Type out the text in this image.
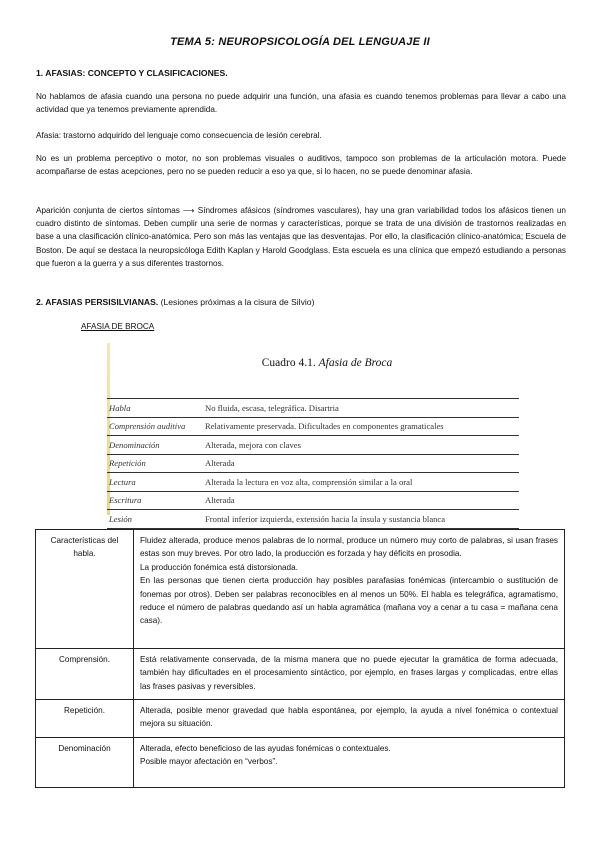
TEMA 5: NEUROPSICOLOGÍA DEL LENGUAJE II
1. AFASIAS: CONCEPTO Y CLASIFICACIONES.
No hablamos de afasia cuando una persona no puede adquirir una función, una afasia es cuando tenemos problemas para llevar a cabo una actividad que ya tenemos previamente aprendida.
Afasia: trastorno adquirido del lenguaje como consecuencia de lesión cerebral.
No es un problema perceptivo o motor, no son problemas visuales o auditivos, tampoco son problemas de la articulación motora. Puede acompañarse de estas acepciones, pero no se pueden reducir a eso ya que, si lo hacen, no se puede denominar afasia.
Aparición conjunta de ciertos síntomas ⟶ Síndromes afásicos (síndromes vasculares), hay una gran variabilidad todos los afásicos tienen un cuadro distinto de síntomas. Deben cumplir una serie de normas y características, porque se trata de una división de trastornos realizadas en base a una clasificación clínico-anatómica. Pero son más las ventajas que las desventajas. Por ello, la clasificación clínico-anatómica; Escuela de Boston. De aquí se destaca la neuropsicóloga Edith Kaplan y Harold Goodglass. Esta escuela es una clínica que empezó estudiando a personas que fueron a la guerra y a sus diferentes trastornos.
2. AFASIAS PERSISILVIANAS. (Lesiones próximas a la cisura de Silvio)
AFASIA DE BROCA
Cuadro 4.1. Afasia de Broca
Habla	No fluida, escasa, telegráfica. Disartria
Comprensión auditiva	Relativamente preservada. Dificultades en componentes gramaticales
Denominación	Alterada, mejora con claves
Repetición	Alterada
Lectura	Alterada la lectura en voz alta, comprensión similar a la oral
Escritura	Alterada
Lesión	Frontal inferior izquierda, extensión hacia la ínsula y sustancia blanca
Características del habla.	Fluidez alterada, produce menos palabras de lo normal, produce un número muy corto de palabras, si usan frases estas son muy breves. Por otro lado, la producción es forzada y hay déficits en prosodia.
La producción fonémica está distorsionada.
En las personas que tienen cierta producción hay posibles parafasias fonémicas (intercambio o sustitución de fonemas por otros). Deben ser palabras reconocibles en al menos un 50%. El habla es telegráfica, agramatismo, reduce el número de palabras quedando así un habla agramática (mañana voy a cenar a tu casa = mañana cena casa).

Comprensión.	Está relativamente conservada, de la misma manera que no puede ejecutar la gramática de forma adecuada, también hay dificultades en el procesamiento sintáctico, por ejemplo, en frases largas y complicadas, entre ellas las frases pasivas y reversibles.
Repetición.	Alterada, posible menor gravedad que habla espontánea, por ejemplo, la ayuda a nivel fonémica o contextual mejora su situación.
Denominación	Alterada, efecto beneficioso de las ayudas fonémicas o contextuales.
Posible mayor afectación en “verbos”.
